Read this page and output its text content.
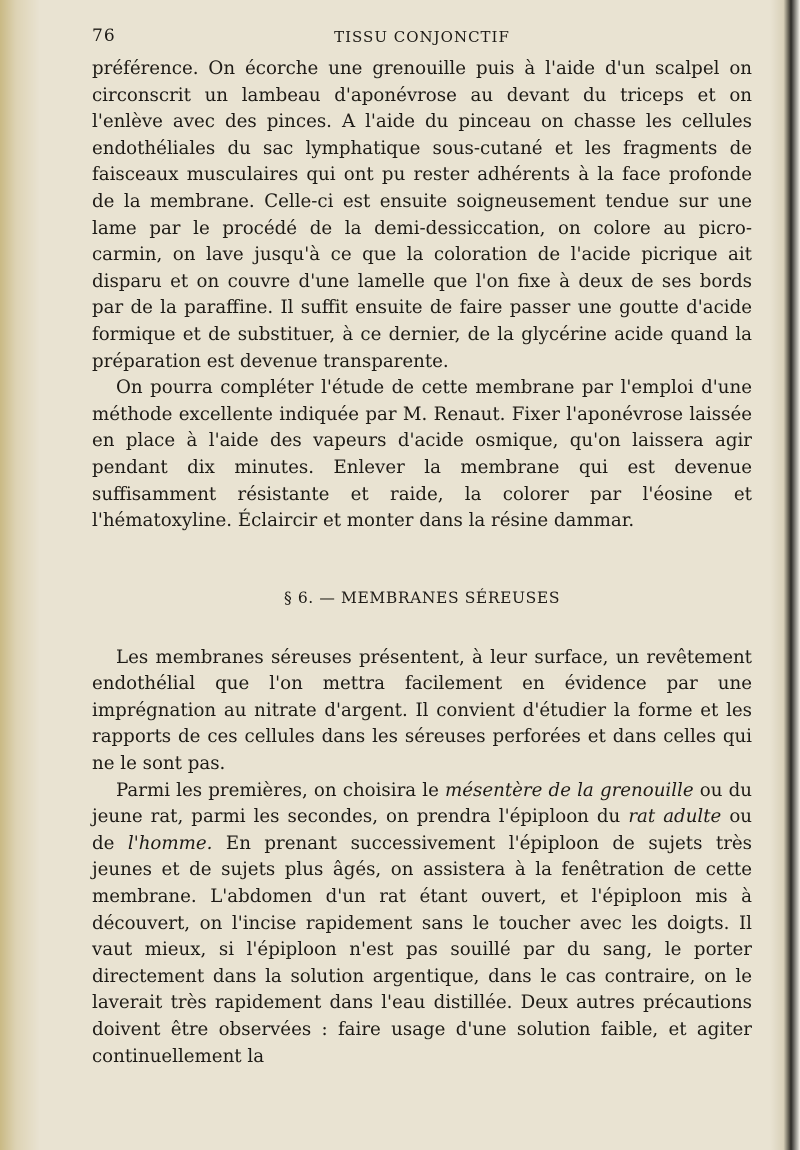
76	TISSU CONJONCTIF

préférence. On écorche une grenouille puis à l'aide d'un scalpel on circonscrit un lambeau d'aponévrose au devant du triceps et on l'enlève avec des pinces. A l'aide du pinceau on chasse les cellules endothéliales du sac lymphatique sous-cutané et les fragments de faisceaux musculaires qui ont pu rester adhérents à la face profonde de la membrane. Celle-ci est ensuite soigneusement tendue sur une lame par le procédé de la demi-dessiccation, on colore au picro-carmin, on lave jusqu'à ce que la coloration de l'acide picrique ait disparu et on couvre d'une lamelle que l'on fixe à deux de ses bords par de la paraffine. Il suffit ensuite de faire passer une goutte d'acide formique et de substituer, à ce dernier, de la glycérine acide quand la préparation est devenue transparente.

On pourra compléter l'étude de cette membrane par l'emploi d'une méthode excellente indiquée par M. Renaut. Fixer l'aponévrose laissée en place à l'aide des vapeurs d'acide osmique, qu'on laissera agir pendant dix minutes. Enlever la membrane qui est devenue suffisamment résistante et raide, la colorer par l'éosine et l'hématoxyline. Éclaircir et monter dans la résine dammar.

§ 6. — MEMBRANES SÉREUSES

Les membranes séreuses présentent, à leur surface, un revêtement endothélial que l'on mettra facilement en évidence par une imprégnation au nitrate d'argent. Il convient d'étudier la forme et les rapports de ces cellules dans les séreuses perforées et dans celles qui ne le sont pas.

Parmi les premières, on choisira le mésentère de la grenouille ou du jeune rat, parmi les secondes, on prendra l'épiploon du rat adulte ou de l'homme. En prenant successivement l'épiploon de sujets très jeunes et de sujets plus âgés, on assistera à la fenêtration de cette membrane. L'abdomen d'un rat étant ouvert, et l'épiploon mis à découvert, on l'incise rapidement sans le toucher avec les doigts. Il vaut mieux, si l'épiploon n'est pas souillé par du sang, le porter directement dans la solution argentique, dans le cas contraire, on le laverait très rapidement dans l'eau distillée. Deux autres précautions doivent être observées : faire usage d'une solution faible, et agiter continuellement la
